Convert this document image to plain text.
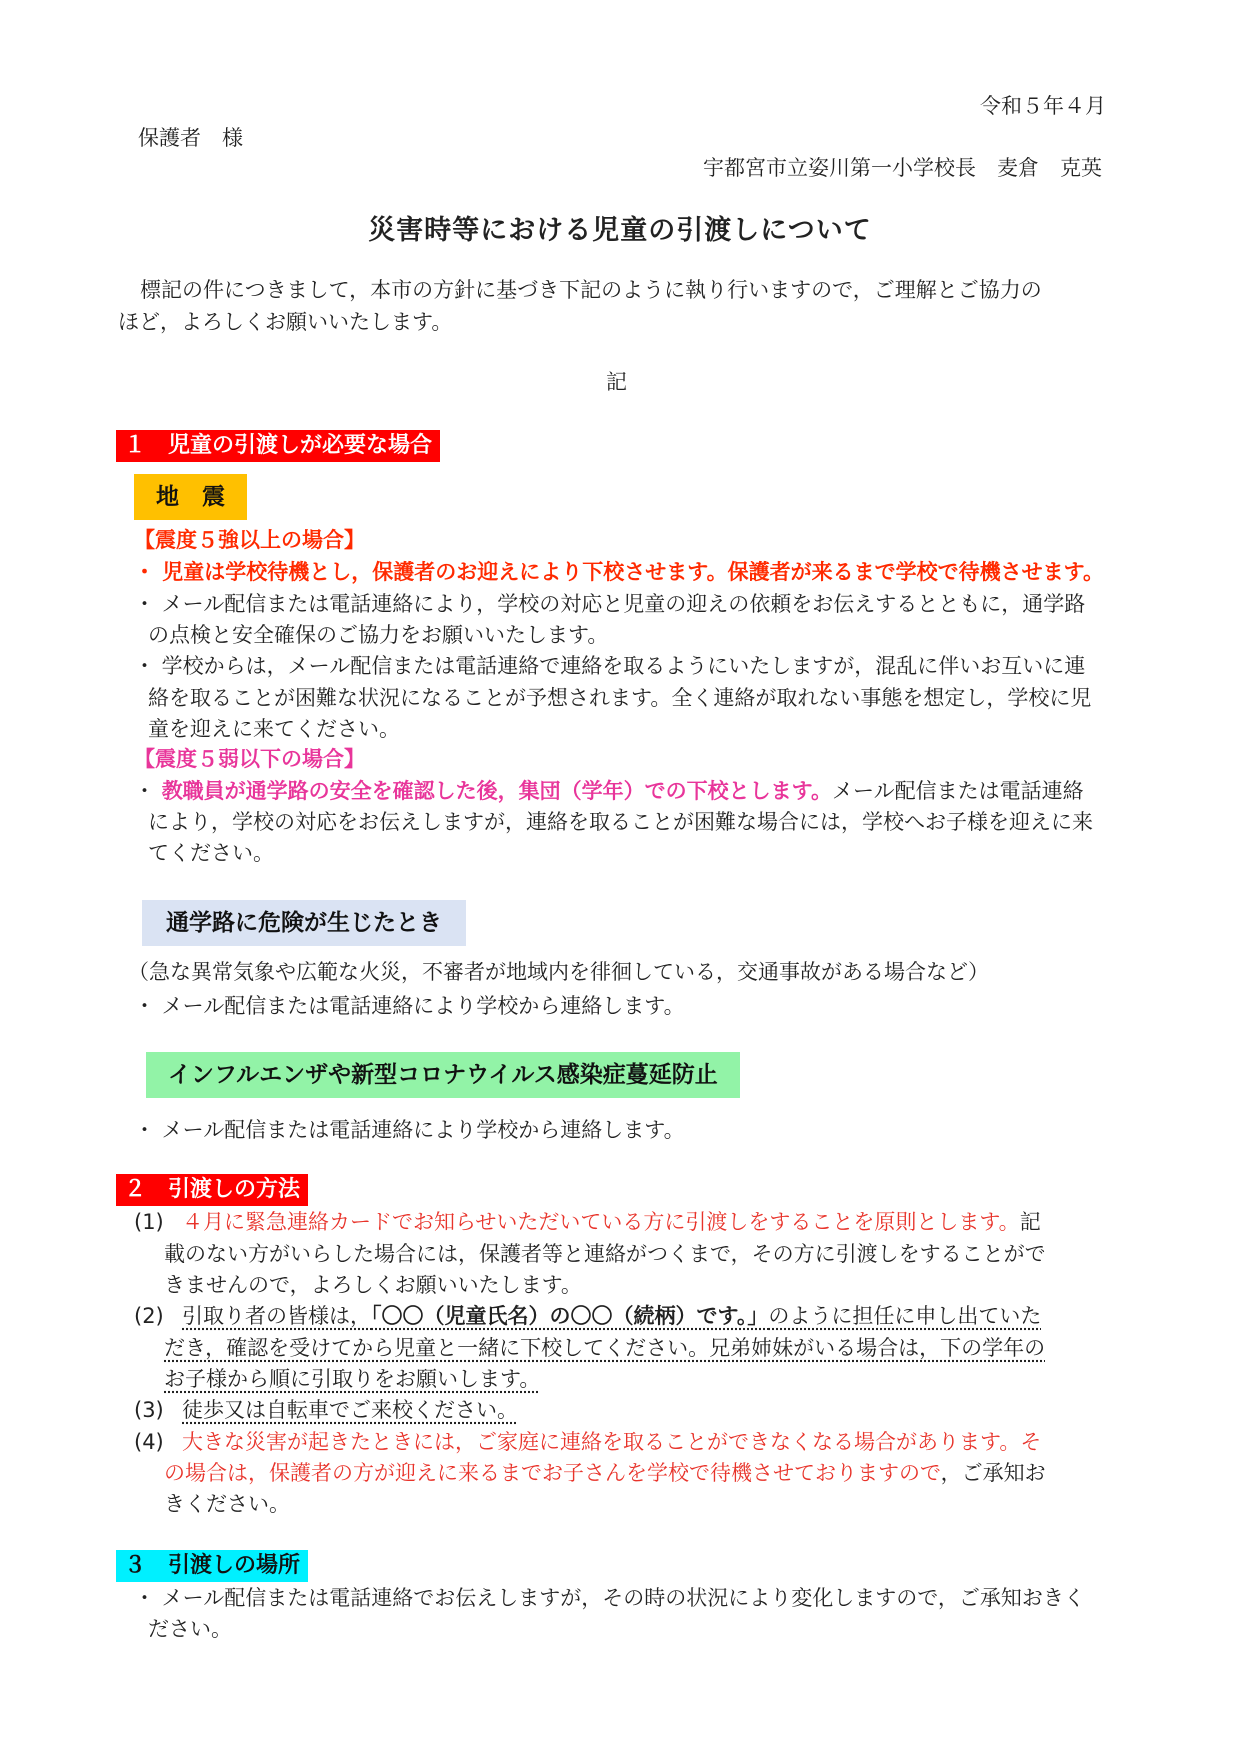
令和５年４月
保護者　様
宇都宮市立姿川第一小学校長　麦倉　克英
災害時等における児童の引渡しについて
標記の件につきまして，本市の方針に基づき下記のように執り行いますので，ご理解とご協力の
ほど，よろしくお願いいたします。
記
１　児童の引渡しが必要な場合
地　震
【震度５強以上の場合】
・ 児童は学校待機とし，保護者のお迎えにより下校させます。保護者が来るまで学校で待機させます。
・ メール配信または電話連絡により，学校の対応と児童の迎えの依頼をお伝えするとともに，通学路
の点検と安全確保のご協力をお願いいたします。
・ 学校からは，メール配信または電話連絡で連絡を取るようにいたしますが，混乱に伴いお互いに連
絡を取ることが困難な状況になることが予想されます。全く連絡が取れない事態を想定し，学校に児
童を迎えに来てください。
【震度５弱以下の場合】
・ 教職員が通学路の安全を確認した後，集団（学年）での下校とします。メール配信または電話連絡
により，学校の対応をお伝えしますが，連絡を取ることが困難な場合には，学校へお子様を迎えに来
てください。
通学路に危険が生じたとき
（急な異常気象や広範な火災，不審者が地域内を徘徊している，交通事故がある場合など）
・ メール配信または電話連絡により学校から連絡します。
インフルエンザや新型コロナウイルス感染症蔓延防止
・ メール配信または電話連絡により学校から連絡します。
２　引渡しの方法
(1) ４月に緊急連絡カードでお知らせいただいている方に引渡しをすることを原則とします。記
載のない方がいらした場合には，保護者等と連絡がつくまで，その方に引渡しをすることがで
きませんので，よろしくお願いいたします。
(2) 引取り者の皆様は，「〇〇（児童氏名）の〇〇（続柄）です。」のように担任に申し出ていた
だき，確認を受けてから児童と一緒に下校してください。兄弟姉妹がいる場合は，下の学年の
お子様から順に引取りをお願いします。
(3) 徒歩又は自転車でご来校ください。
(4) 大きな災害が起きたときには，ご家庭に連絡を取ることができなくなる場合があります。そ
の場合は，保護者の方が迎えに来るまでお子さんを学校で待機させておりますので，ご承知お
きください。
３　引渡しの場所
・ メール配信または電話連絡でお伝えしますが，その時の状況により変化しますので，ご承知おきく
ださい。
